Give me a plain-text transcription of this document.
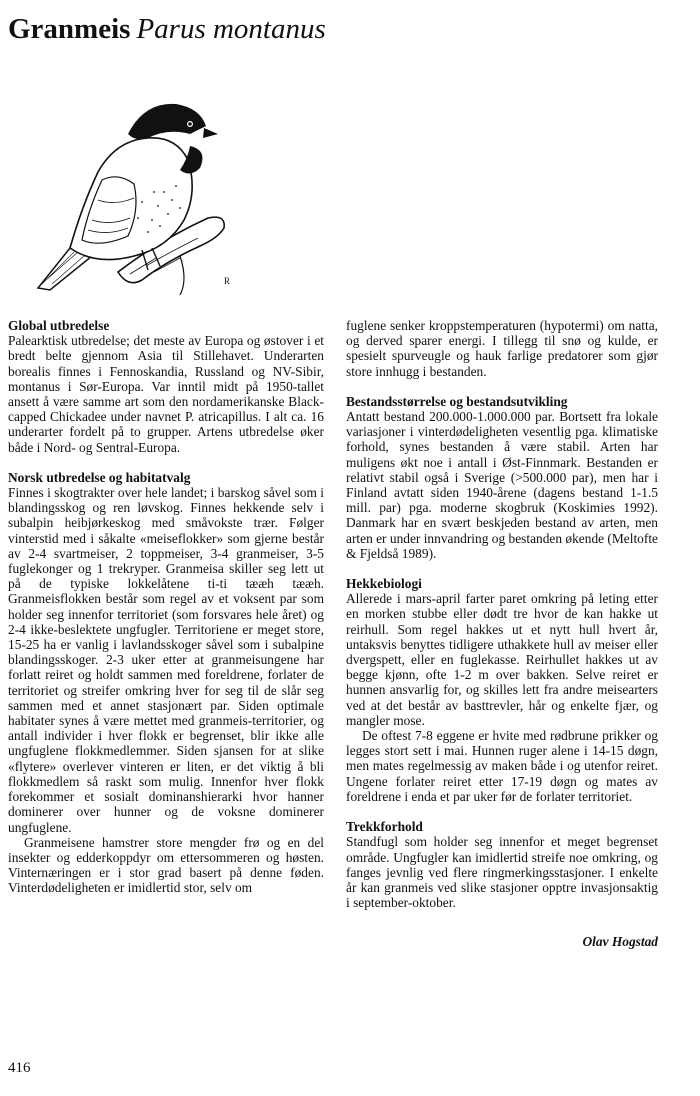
Granmeis Parus montanus
R
Global utbredelse

Palearktisk utbredelse; det meste av Europa og østover i et bredt belte gjennom Asia til Stillehavet. Underarten borealis finnes i Fennoskandia, Russland og NV-Sibir, montanus i Sør-Europa. Var inntil midt på 1950-tallet ansett å være samme art som den nordamerikanske Black-capped Chickadee under navnet P. atricapillus. I alt ca. 16 underarter fordelt på to grupper. Artens utbredelse øker både i Nord- og Sentral-Europa.

Norsk utbredelse og habitatvalg

Finnes i skogtrakter over hele landet; i barskog såvel som i blandingsskog og ren løvskog. Finnes hekkende selv i subalpin heibjørkeskog med småvokste trær. Følger vinterstid med i såkalte «meiseflokker» som gjerne består av 2-4 svartmeiser, 2 toppmeiser, 3-4 granmeiser, 3-5 fuglekonger og 1 trekryper. Granmeisa skiller seg lett ut på de typiske lokkelåtene ti-ti tææh tææh. Granmeisflokken består som regel av et voksent par som holder seg innenfor territoriet (som forsvares hele året) og 2-4 ikke-beslektete ungfugler. Territoriene er meget store, 15-25 ha er vanlig i lavlandsskoger såvel som i subalpine blandingsskoger. 2-3 uker etter at granmeisungene har forlatt reiret og holdt sammen med foreldrene, forlater de territoriet og streifer omkring hver for seg til de slår seg sammen med et annet stasjonært par. Siden optimale habitater synes å være mettet med granmeis-territorier, og antall individer i hver flokk er begrenset, blir ikke alle ungfuglene flokkmedlemmer. Siden sjansen for at slike «flytere» overlever vinteren er liten, er det viktig å bli flokkmedlem så raskt som mulig. Innenfor hver flokk forekommer et sosialt dominanshierarki hvor hanner dominerer over hunner og de voksne dominerer ungfuglene.

Granmeisene hamstrer store mengder frø og en del insekter og edderkoppdyr om ettersommeren og høsten. Vinternæringen er i stor grad basert på denne føden. Vinterdødeligheten er imidlertid stor, selv om

fuglene senker kroppstemperaturen (hypotermi) om natta, og derved sparer energi. I tillegg til snø og kulde, er spesielt spurveugle og hauk farlige predatorer som gjør store innhugg i bestanden.

Bestandsstørrelse og bestandsutvikling

Antatt bestand 200.000-1.000.000 par. Bortsett fra lokale variasjoner i vinterdødeligheten vesentlig pga. klimatiske forhold, synes bestanden å være stabil. Arten har muligens økt noe i antall i Øst-Finnmark. Bestanden er relativt stabil også i Sverige (>500.000 par), men har i Finland avtatt siden 1940-årene (dagens bestand 1-1.5 mill. par) pga. moderne skogbruk (Koskimies 1992). Danmark har en svært beskjeden bestand av arten, men arten er under innvandring og bestanden økende (Meltofte & Fjeldså 1989).

Hekkebiologi

Allerede i mars-april farter paret omkring på leting etter en morken stubbe eller dødt tre hvor de kan hakke ut reirhull. Som regel hakkes ut et nytt hull hvert år, untaksvis benyttes tidligere uthakkete hull av meiser eller dvergspett, eller en fuglekasse. Reirhullet hakkes ut av begge kjønn, ofte 1-2 m over bakken. Selve reiret er hunnen ansvarlig for, og skilles lett fra andre meisearters ved at det består av basttrevler, hår og enkelte fjær, og mangler mose.

De oftest 7-8 eggene er hvite med rødbrune prikker og legges stort sett i mai. Hunnen ruger alene i 14-15 døgn, men mates regelmessig av maken både i og utenfor reiret. Ungene forlater reiret etter 17-19 døgn og mates av foreldrene i enda et par uker før de forlater territoriet.

Trekkforhold

Standfugl som holder seg innenfor et meget begrenset område. Ungfugler kan imidlertid streife noe omkring, og fanges jevnlig ved flere ringmerkingsstasjoner. I enkelte år kan granmeis ved slike stasjoner opptre invasjonsaktig i september-oktober.

Olav Hogstad
416
